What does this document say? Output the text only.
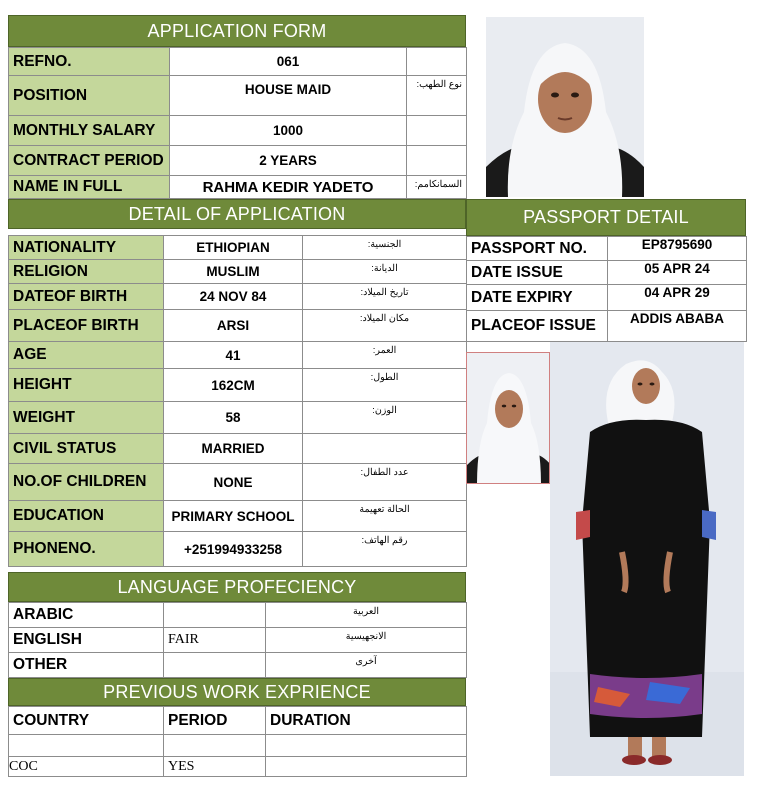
APPLICATION FORM
REFNO.	061	
POSITION	HOUSE MAID	:نوع الطهب
MONTHLY SALARY	1000	
CONTRACT PERIOD	2 YEARS	
NAME IN FULL	RAHMA KEDIR YADETO	:السمانكامم
DETAIL OF APPLICATION
NATIONALITY	ETHIOPIAN	:الجنسية
RELIGION	MUSLIM	:الديانة
DATEOF BIRTH	24 NOV 84	:تاريخ الميلاد
PLACEOF BIRTH	ARSI	:مكان الميلاد
AGE	41	:العمر
HEIGHT	162CM	:الطول
WEIGHT	58	:الوزن
CIVIL STATUS	MARRIED	
NO.OF CHILDREN	NONE	:عدد الطفال
EDUCATION	PRIMARY SCHOOL	الحالة تعهيمة
PHONENO.	+251994933258	:رقم الهاتف
LANGUAGE PROFECIENCY
ARABIC		العربية
ENGLISH	FAIR	الانجهيسية
OTHER		آخرى
PREVIOUS WORK EXPRIENCE
COUNTRY	PERIOD	DURATION

COC	YES	
PASSPORT DETAIL
PASSPORT NO.	EP8795690
DATE ISSUE	05 APR 24
DATE EXPIRY	04 APR 29
PLACEOF ISSUE	ADDIS ABABA
